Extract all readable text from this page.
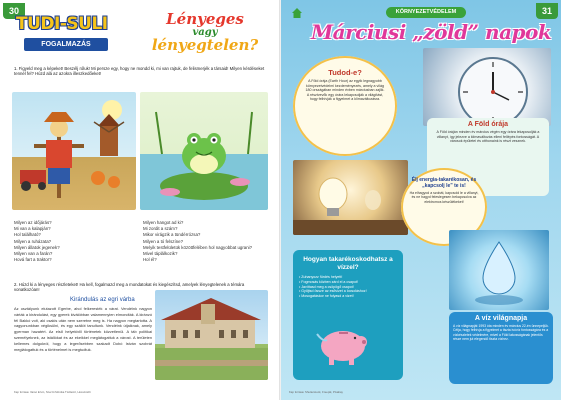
30
TUDI-SULI
FOGALMAZÁS
Lényeges
vagy
lényegtelen?
1. Figyeld meg a képeket! Beszélj róluk! Mi persze egy, hogy ne mondd ki, mi van rajtuk, de felismerjék a társaid! Milyen kérdéseket tennél fel? Húzd alá az azokra illeszkedőeket!
Milyen az időjárás?
Mi van a kalapján?
Hol található?
Milyen a ruházata?
Milyen állatok jegenek?
Milyen van a farán?
Hová fart a traktor?
Milyen hangot ad ki?
Mi zordit a szám?
Mikor virágzik a tündérrózsa?
Milyen a tó felszíne?
Melyik testfelületük közöttfelében hol nagyobbat ugrani?
Mivel táplálkozik?
Hol él?
2. Húzd ki a lényeges részleteket! Ha kell, fogalmazd meg a mondatokat és kiegészítsd, amelyek lényegtelenek a témára vonatkozóan!
Kirándulás az egri várba
Az osztályunk elutazott Egerbe, ahol felkeresték a várat. Vendéink nagyon várták a kirándulást, egy gyerek kiválóbban valamennyien elmondták. A kiránzó fél Bakkó volt, aki csakis után nem szeretne meg is. Ha nagyon megtartotta. A vagyonunkban végiksülni, és egy szállót tanultunk. Vendéink útjaiknak, amely gyerman hazatért. Az első helyekből történetek közvetlenül. A táb politikai személyeknek, az istállókat és az ekeikkel meglátogattuk a várost. A területen kellemes dolgokról, hogy a legerősebben szakadt Dobó István szobrát meglátogattuk és a történelmet is megtudtuk.
Kép forrása: Varsó Ervin, Szerző Mónika Tüdőéző, Hosszútölt
31
KÖRNYEZETVÉDELEM
Márciusi „zöld” napok
Tudod-e?

A Föld órája (Earth Hour) az egyik legnagyobb környezetvédelmi kezdeményezés, amely a világ 180 országában minden évben márciusban zajlik. A résztvevők egy órára lekapcsolják a világítást, hogy felhívják a figyelmet a klímaváltozásra.

A Föld órája

A Föld óráján minden év március végén egy órára lekapcsolják a villanyt, így jelezve a klímaváltozás elleni fellépés fontosságát. A városok épületei és otthonaink is részt vesznek.

Élj energia-takarékosan, és „kapcsolj le” te is!

Ha elhagyod a szobát, kapcsold le a villanyt, és ne hagyd feleslegesen bekapcsolva az elektromos készülékeket!

Hogyan takarékoskodhatsz a vízzel?
• Zuhanyozz fürdés helyett!
• Fogmosás közben zárd el a csapot!
• Javíttasd meg a csöpögő csapot!
• Gyűjtsd össze az esővizet a locsoláshoz!
• Mosogatáskor ne folyasd a vizet!
A víz világnapja

A víz világnapját 1993 óta minden év március 22-én ünnepeljük. Célja, hogy felhívja a figyelmet a tiszta ivóvíz fontosságára és a vízkészletek védelmére, mivel a Föld lakosságának jelentős része nem jut elegendő tiszta vízhez.

Kép forrása: Shutterstock, Freepik, Pixabay
